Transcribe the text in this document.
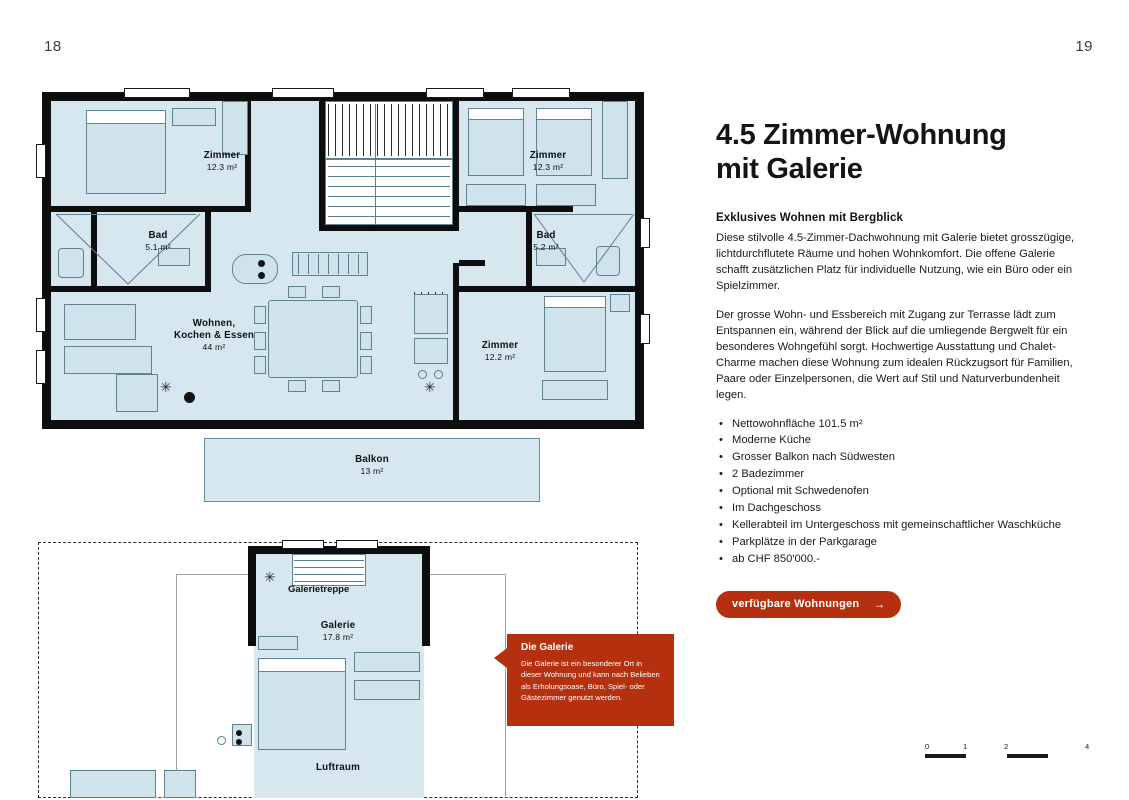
18	19
✳	✳
Zimmer
12.3 m²
Zimmer
12.3 m²
Bad
5.1 m²
Bad
5.2 m²
Wohnen,
Kochen & Essen
44 m²	Zimmer
12.2 m²
Balkon
13 m²
✳
Galerietreppe
Galerie
17.8 m²
Luftraum
Die Galerie
Die Galerie ist ein besonderer Ort in dieser Wohnung und kann nach Belieben als Erholungsoase, Büro, Spiel- oder Gästezimmer genutzt werden.
4.5 Zimmer-Wohnung
mit Galerie
Exklusives Wohnen mit Bergblick

Diese stilvolle 4.5-Zimmer-Dachwohnung mit Galerie bietet grosszügige, lichtdurchflutete Räume und hohen Wohnkomfort. Die offene Galerie schafft zusätzlichen Platz für individuelle Nutzung, wie ein Büro oder ein Spielzimmer.

Der grosse Wohn- und Essbereich mit Zugang zur Terrasse lädt zum Entspannen ein, während der Blick auf die umliegende Bergwelt für ein besonderes Wohngefühl sorgt. Hochwertige Ausstattung und Chalet-Charme machen diese Wohnung zum idealen Rückzugsort für Familien, Paare oder Einzelpersonen, die Wert auf Stil und Naturverbundenheit legen.

• Nettowohnfläche 101.5 m²
• Moderne Küche
• Grosser Balkon nach Südwesten
• 2 Badezimmer
• Optional mit Schwedenofen
• Im Dachgeschoss
• Kellerabteil im Untergeschoss mit gemeinschaftlicher Waschküche
• Parkplätze in der Parkgarage
• ab CHF 850'000.-
verfügbare Wohnungen →
0	1	2	4
